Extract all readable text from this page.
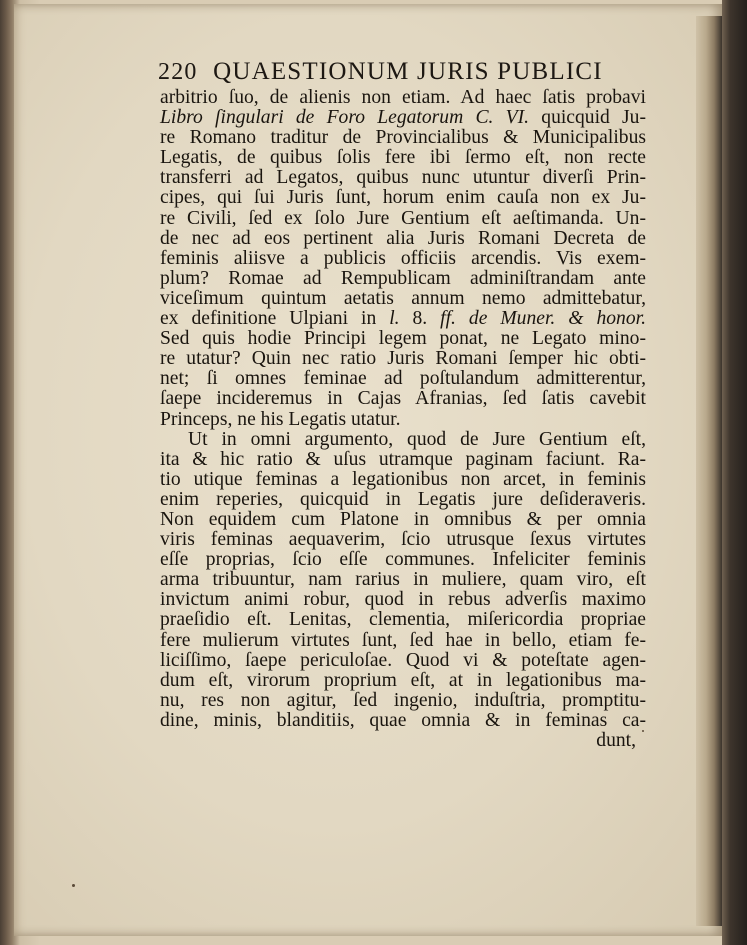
220 QUAESTIONUM JURIS PUBLICI
arbitrio ſuo, de alienis non etiam. Ad haec ſatis probavi
Libro ſingulari de Foro Legatorum C. VI. quicquid Ju-
re Romano traditur de Provincialibus & Municipalibus
Legatis, de quibus ſolis fere ibi ſermo eſt, non recte
transferri ad Legatos, quibus nunc utuntur diverſi Prin-
cipes, qui ſui Juris ſunt, horum enim cauſa non ex Ju-
re Civili, ſed ex ſolo Jure Gentium eſt aeſtimanda. Un-
de nec ad eos pertinent alia Juris Romani Decreta de
feminis aliisve a publicis officiis arcendis. Vis exem-
plum? Romae ad Rempublicam adminiſtrandam ante
viceſimum quintum aetatis annum nemo admittebatur,
ex definitione Ulpiani in l. 8. ff. de Muner. & honor.
Sed quis hodie Principi legem ponat, ne Legato mino-
re utatur? Quin nec ratio Juris Romani ſemper hic obti-
net; ſi omnes feminae ad poſtulandum admitterentur,
ſaepe incideremus in Cajas Afranias, ſed ſatis cavebit
Princeps, ne his Legatis utatur.
Ut in omni argumento, quod de Jure Gentium eſt,
ita & hic ratio & uſus utramque paginam faciunt. Ra-
tio utique feminas a legationibus non arcet, in feminis
enim reperies, quicquid in Legatis jure deſideraveris.
Non equidem cum Platone in omnibus & per omnia
viris feminas aequaverim, ſcio utrusque ſexus virtutes
eſſe proprias, ſcio eſſe communes. Infeliciter feminis
arma tribuuntur, nam rarius in muliere, quam viro, eſt
invictum animi robur, quod in rebus adverſis maximo
praeſidio eſt. Lenitas, clementia, miſericordia propriae
fere mulierum virtutes ſunt, ſed hae in bello, etiam fe-
liciſſimo, ſaepe periculoſae. Quod vi & poteſtate agen-
dum eſt, virorum proprium eſt, at in legationibus ma-
nu, res non agitur, ſed ingenio, induſtria, promptitu-
dine, minis, blanditiis, quae omnia & in feminas ca-
dunt,
